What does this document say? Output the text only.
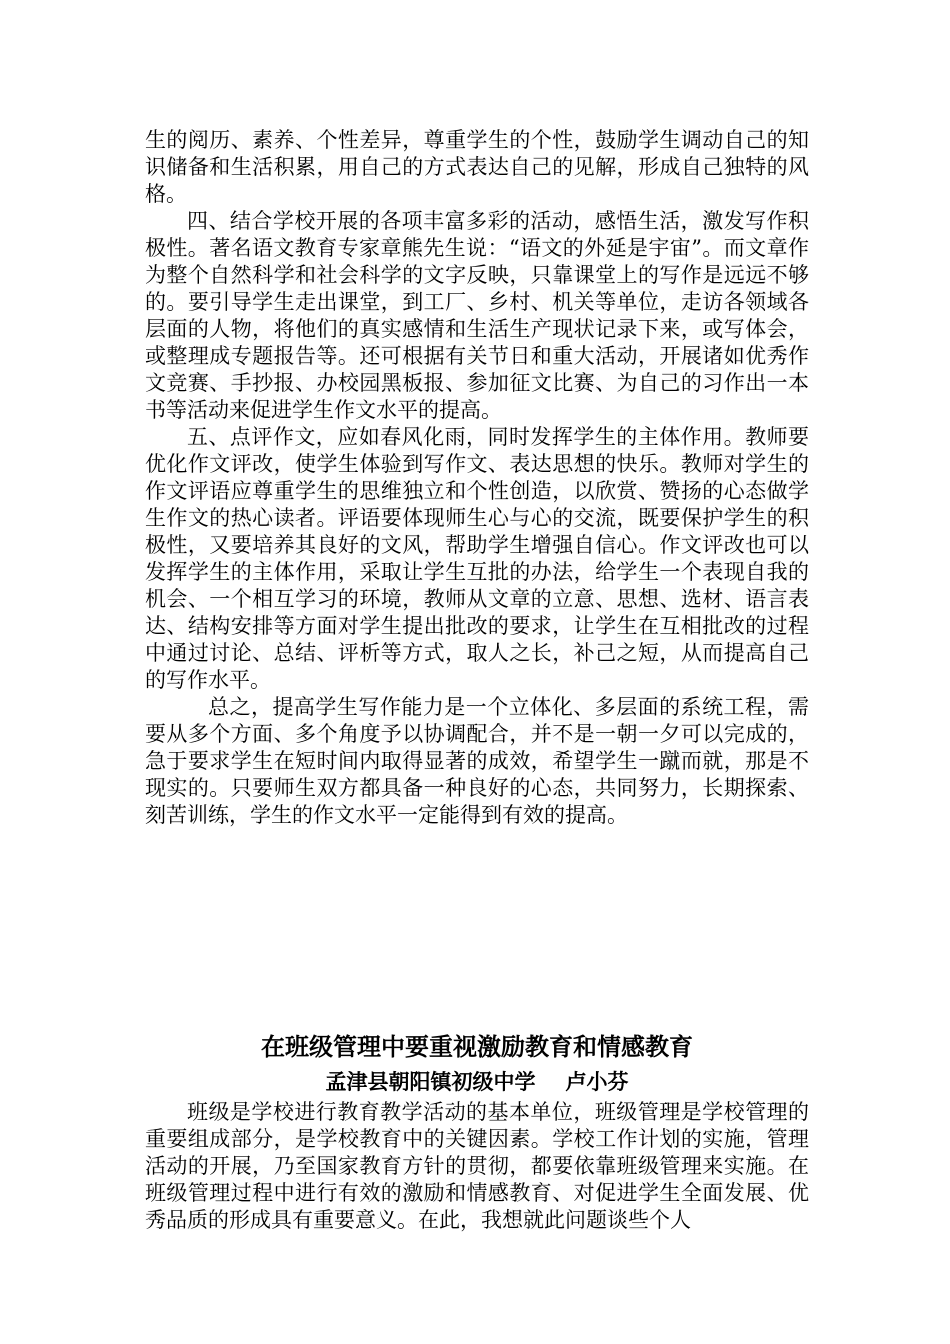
生的阅历、素养、个性差异，尊重学生的个性，鼓励学生调动自己的知识储备和生活积累，用自己的方式表达自己的见解，形成自己独特的风格。

四、结合学校开展的各项丰富多彩的活动，感悟生活，激发写作积极性。著名语文教育专家章熊先生说：“语文的外延是宇宙”。而文章作为整个自然科学和社会科学的文字反映，只靠课堂上的写作是远远不够的。要引导学生走出课堂，到工厂、乡村、机关等单位，走访各领域各层面的人物，将他们的真实感情和生活生产现状记录下来，或写体会，或整理成专题报告等。还可根据有关节日和重大活动，开展诸如优秀作文竞赛、手抄报、办校园黑板报、参加征文比赛、为自己的习作出一本书等活动来促进学生作文水平的提高。

五、点评作文，应如春风化雨，同时发挥学生的主体作用。教师要优化作文评改，使学生体验到写作文、表达思想的快乐。教师对学生的作文评语应尊重学生的思维独立和个性创造，以欣赏、赞扬的心态做学生作文的热心读者。评语要体现师生心与心的交流，既要保护学生的积极性，又要培养其良好的文风，帮助学生增强自信心。作文评改也可以发挥学生的主体作用，采取让学生互批的办法，给学生一个表现自我的机会、一个相互学习的环境，教师从文章的立意、思想、选材、语言表达、结构安排等方面对学生提出批改的要求，让学生在互相批改的过程中通过讨论、总结、评析等方式，取人之长，补己之短，从而提高自己的写作水平。

总之，提高学生写作能力是一个立体化、多层面的系统工程，需要从多个方面、多个角度予以协调配合，并不是一朝一夕可以完成的，急于要求学生在短时间内取得显著的成效，希望学生一蹴而就，那是不现实的。只要师生双方都具备一种良好的心态，共同努力，长期探索、刻苦训练，学生的作文水平一定能得到有效的提高。

在班级管理中要重视激励教育和情感教育
孟津县朝阳镇初级中学 卢小芬

班级是学校进行教育教学活动的基本单位，班级管理是学校管理的重要组成部分，是学校教育中的关键因素。学校工作计划的实施，管理活动的开展，乃至国家教育方针的贯彻，都要依靠班级管理来实施。在班级管理过程中进行有效的激励和情感教育、对促进学生全面发展、优秀品质的形成具有重要意义。在此，我想就此问题谈些个人
